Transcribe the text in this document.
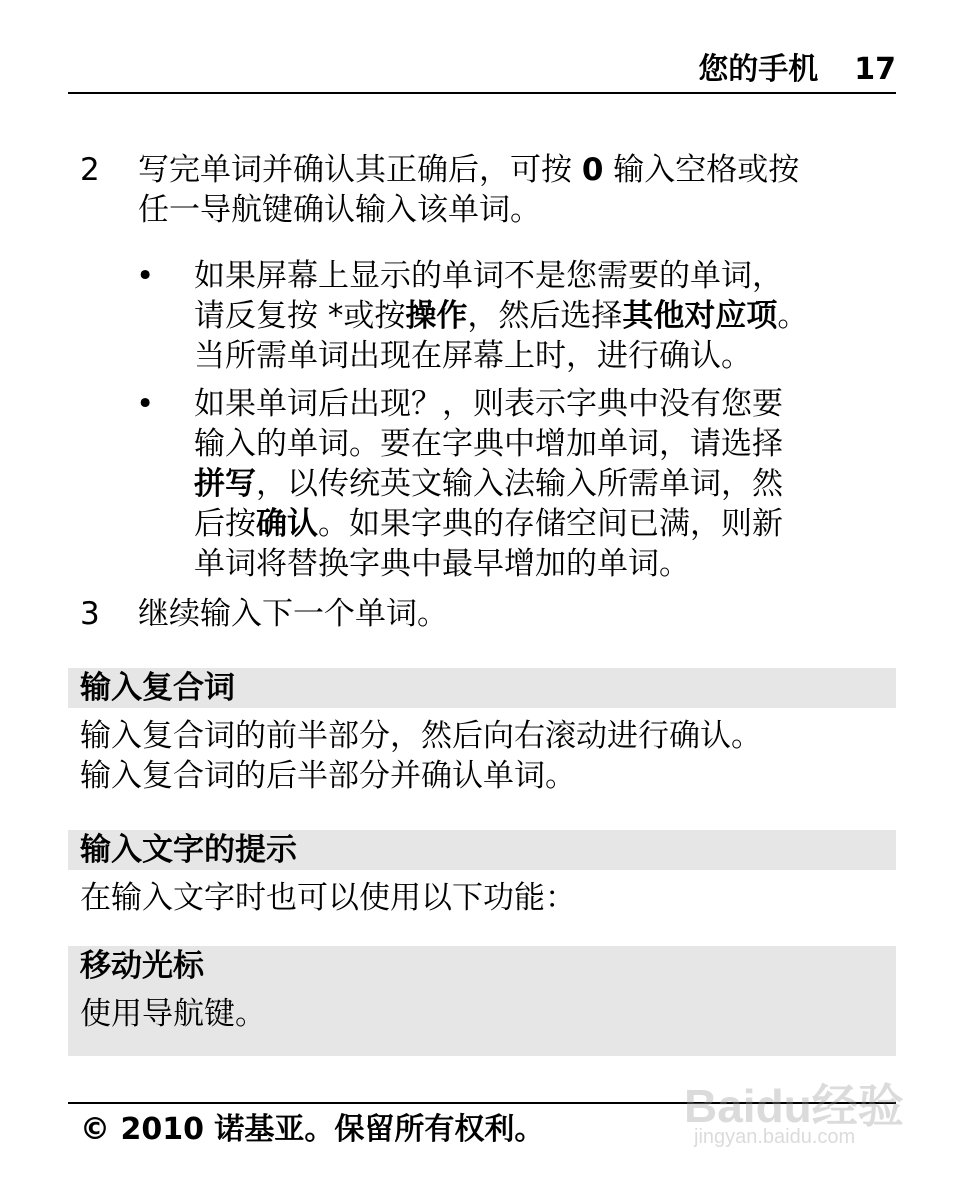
您的手机 17
2 写完单词并确认其正确后，可按 0 输入空格或按
任一导航键确认输入该单词。
• 如果屏幕上显示的单词不是您需要的单词，
请反复按 *或按操作，然后选择其他对应项。
当所需单词出现在屏幕上时，进行确认。
• 如果单词后出现？，则表示字典中没有您要
输入的单词。要在字典中增加单词，请选择
拼写，以传统英文输入法输入所需单词，然
后按确认。如果字典的存储空间已满，则新
单词将替换字典中最早增加的单词。
3 继续输入下一个单词。
输入复合词
输入复合词的前半部分，然后向右滚动进行确认。
输入复合词的后半部分并确认单词。
输入文字的提示
在输入文字时也可以使用以下功能：
移动光标
使用导航键。
© 2010 诺基亚。保留所有权利。	Baidu经验
jingyan.baidu.com
